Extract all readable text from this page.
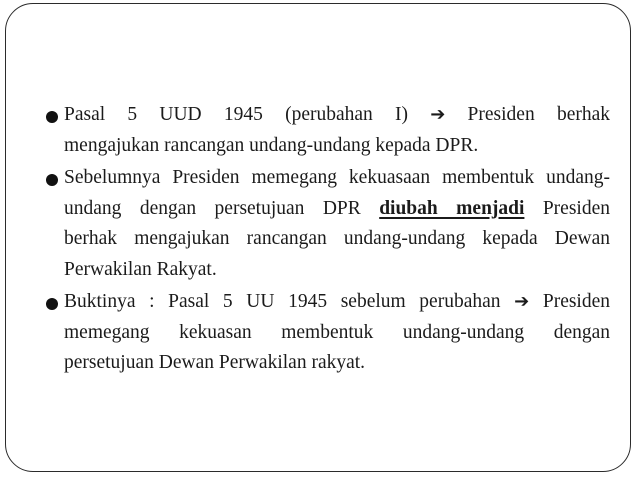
Pasal 5 UUD 1945 (perubahan I) ➔ Presiden berhak
mengajukan rancangan undang-undang kepada DPR.
Sebelumnya Presiden memegang kekuasaan membentuk undang-
undang dengan persetujuan DPR diubah menjadi Presiden
berhak mengajukan rancangan undang-undang kepada Dewan
Perwakilan Rakyat.
Buktinya : Pasal 5 UU 1945 sebelum perubahan ➔ Presiden
memegang kekuasan membentuk undang-undang dengan
persetujuan Dewan Perwakilan rakyat.
